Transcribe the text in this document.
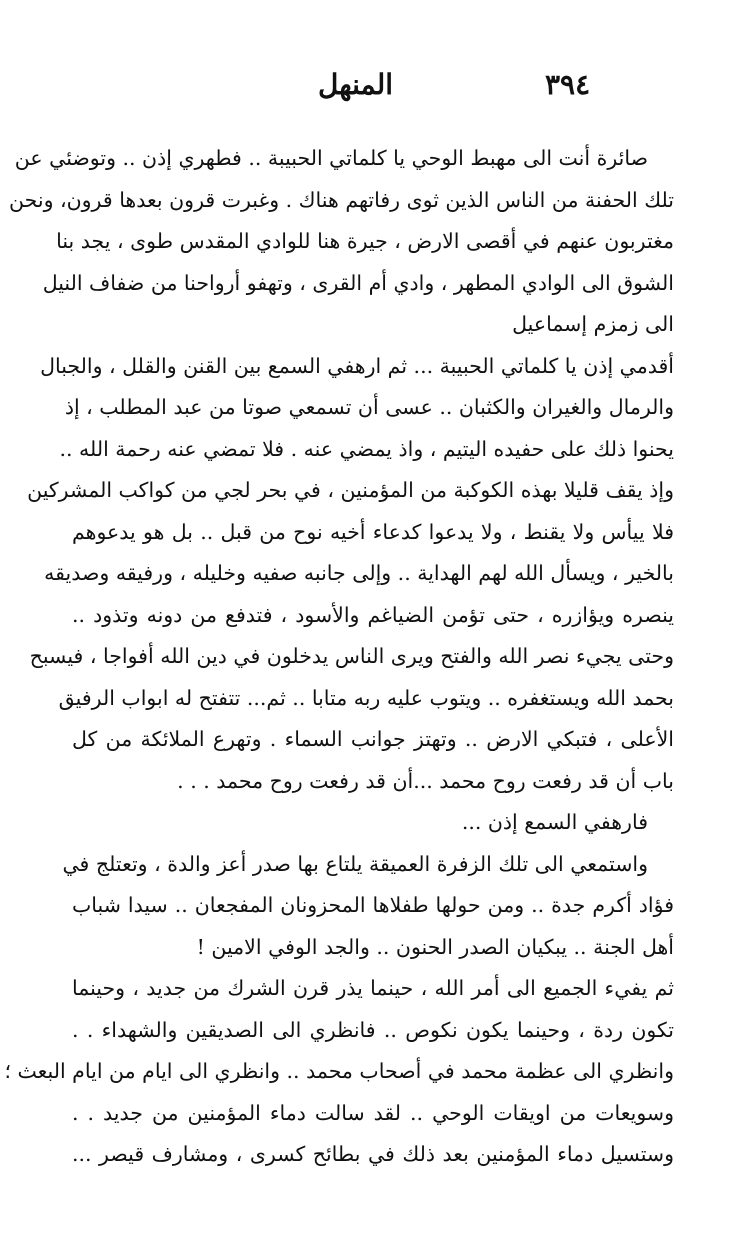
٣٩٤
المنهل
صائرة أنت الى مهبط الوحي يا كلماتي الحبيبة .. فطهري إذن .. وتوضئي عن
تلك الحفنة من الناس الذين ثوى رفاتهم هناك . وغبرت قرون بعدها قرون، ونحن
مغتربون عنهم في أقصى الارض ، جيرة هنا للوادي المقدس طوى ، يجد بنا
الشوق الى الوادي المطهر ، وادي أم القرى ، وتهفو أرواحنا من ضفاف النيل
الى زمزم إسماعيل
أقدمي إذن يا كلماتي الحبيبة ... ثم ارهفي السمع بين القنن والقلل ، والجبال
والرمال والغيران والكثبان .. عسى أن تسمعي صوتا من عبد المطلب ، إذ
يحنوا ذلك على حفيده اليتيم ، واذ يمضي عنه . فلا تمضي عنه رحمة الله ..
وإذ يقف قليلا بهذه الكوكبة من المؤمنين ، في بحر لجي من كواكب المشركين
فلا ييأس ولا يقنط ، ولا يدعوا كدعاء أخيه نوح من قبل .. بل هو يدعوهم
بالخير ، ويسأل الله لهم الهداية .. وإلى جانبه صفيه وخليله ، ورفيقه وصديقه
ينصره ويؤازره ، حتى تؤمن الضياغم والأسود ، فتدفع من دونه وتذود ..
وحتى يجيء نصر الله والفتح ويرى الناس يدخلون في دين الله أفواجا ، فيسبح
بحمد الله ويستغفره .. ويتوب عليه ربه متابا .. ثم... تتفتح له ابواب الرفيق
الأعلى ، فتبكي الارض .. وتهتز جوانب السماء . وتهرع الملائكة من كل
باب أن قد رفعت روح محمد ...أن قد رفعت روح محمد . . .
فارهفي السمع إذن ...
واستمعي الى تلك الزفرة العميقة يلتاع بها صدر أعز والدة ، وتعتلج في
فؤاد أكرم جدة .. ومن حولها طفلاها المحزونان المفجعان .. سيدا شباب
أهل الجنة .. يبكيان الصدر الحنون .. والجد الوفي الامين !
ثم يفيء الجميع الى أمر الله ، حينما يذر قرن الشرك من جديد ، وحينما
تكون ردة ، وحينما يكون نكوص .. فانظري الى الصديقين والشهداء . .
وانظري الى عظمة محمد في أصحاب محمد .. وانظري الى ايام من ايام البعث ؛
وسويعات من اويقات الوحي .. لقد سالت دماء المؤمنين من جديد . .
وستسيل دماء المؤمنين بعد ذلك في بطائح كسرى ، ومشارف قيصر ...
